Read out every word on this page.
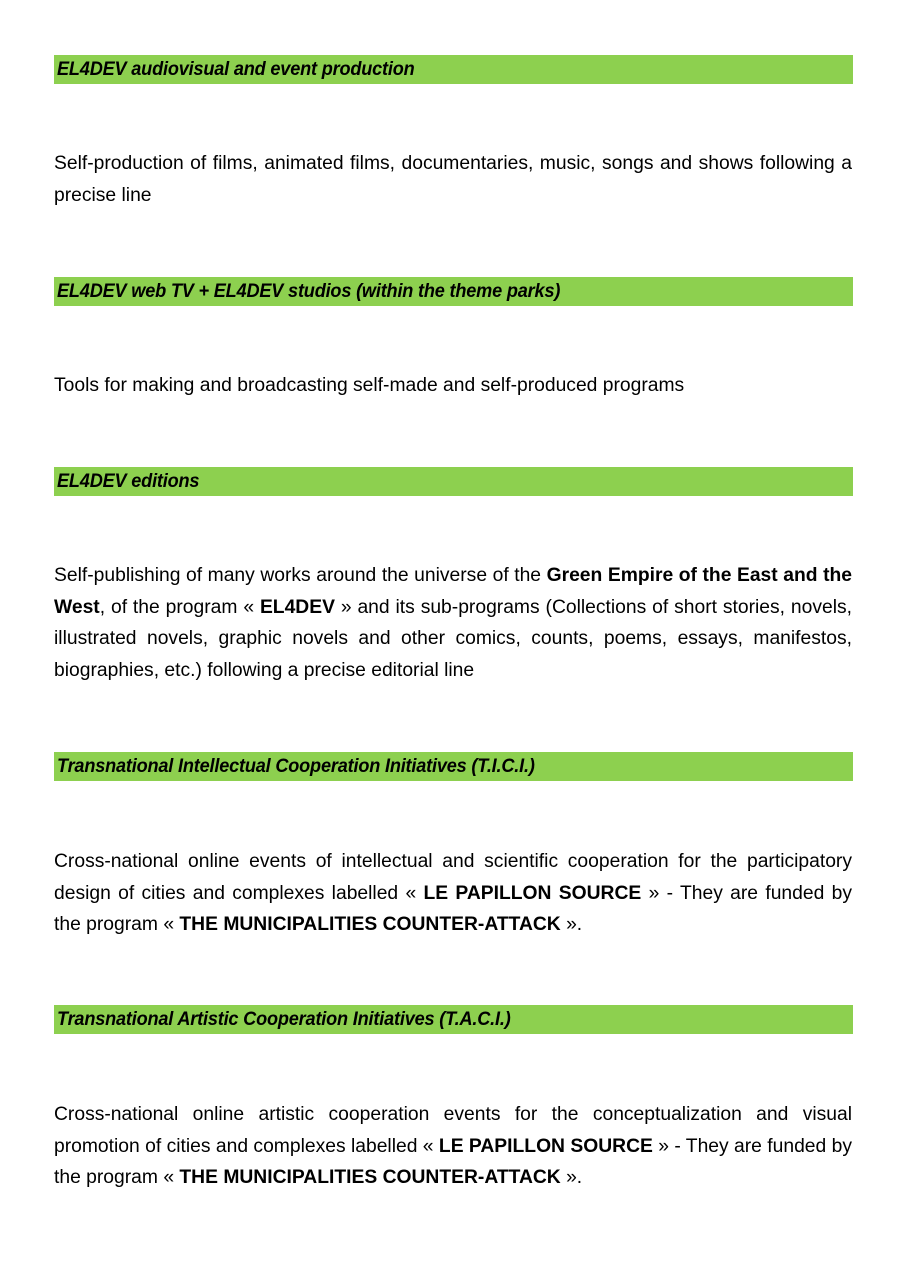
EL4DEV audiovisual and event production
Self-production of films, animated films, documentaries, music, songs and shows following a precise line
EL4DEV web TV + EL4DEV studios (within the theme parks)
Tools for making and broadcasting self-made and self-produced programs
EL4DEV editions
Self-publishing of many works around the universe of the Green Empire of the East and the West, of the program « EL4DEV » and its sub-programs (Collections of short stories, novels, illustrated novels, graphic novels and other comics, counts, poems, essays, manifestos, biographies, etc.) following a precise editorial line
Transnational Intellectual Cooperation Initiatives (T.I.C.I.)
Cross-national online events of intellectual and scientific cooperation for the participatory design of cities and complexes labelled « LE PAPILLON SOURCE » - They are funded by the program « THE MUNICIPALITIES COUNTER-ATTACK ».
Transnational Artistic Cooperation Initiatives (T.A.C.I.)
Cross-national online artistic cooperation events for the conceptualization and visual promotion of cities and complexes labelled « LE PAPILLON SOURCE » - They are funded by the program « THE MUNICIPALITIES COUNTER-ATTACK ».
